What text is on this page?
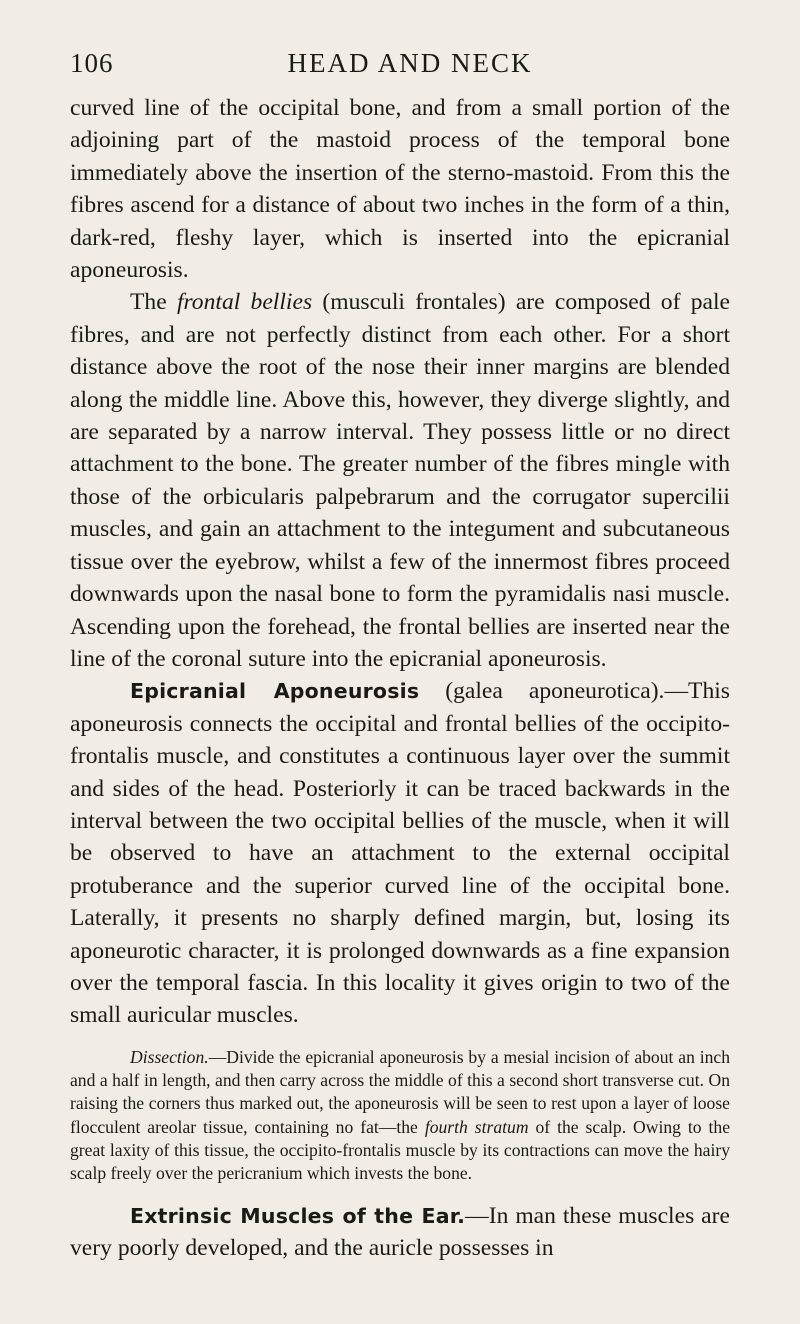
106	HEAD AND NECK

curved line of the occipital bone, and from a small portion of the adjoining part of the mastoid process of the temporal bone immediately above the insertion of the sterno-mastoid. From this the fibres ascend for a distance of about two inches in the form of a thin, dark-red, fleshy layer, which is inserted into the epicranial aponeurosis.

The frontal bellies (musculi frontales) are composed of pale fibres, and are not perfectly distinct from each other. For a short distance above the root of the nose their inner margins are blended along the middle line. Above this, however, they diverge slightly, and are separated by a narrow interval. They possess little or no direct attachment to the bone. The greater number of the fibres mingle with those of the orbicularis palpebrarum and the corrugator supercilii muscles, and gain an attachment to the integument and subcutaneous tissue over the eyebrow, whilst a few of the innermost fibres proceed downwards upon the nasal bone to form the pyramidalis nasi muscle. Ascending upon the forehead, the frontal bellies are inserted near the line of the coronal suture into the epicranial aponeurosis.

Epicranial Aponeurosis (galea aponeurotica).—This aponeurosis connects the occipital and frontal bellies of the occipito-frontalis muscle, and constitutes a continuous layer over the summit and sides of the head. Posteriorly it can be traced backwards in the interval between the two occipital bellies of the muscle, when it will be observed to have an attachment to the external occipital protuberance and the superior curved line of the occipital bone. Laterally, it presents no sharply defined margin, but, losing its aponeurotic character, it is prolonged downwards as a fine expansion over the temporal fascia. In this locality it gives origin to two of the small auricular muscles.

Dissection.—Divide the epicranial aponeurosis by a mesial incision of about an inch and a half in length, and then carry across the middle of this a second short transverse cut. On raising the corners thus marked out, the aponeurosis will be seen to rest upon a layer of loose flocculent areolar tissue, containing no fat—the fourth stratum of the scalp. Owing to the great laxity of this tissue, the occipito-frontalis muscle by its contractions can move the hairy scalp freely over the pericranium which invests the bone.

Extrinsic Muscles of the Ear.—In man these muscles are very poorly developed, and the auricle possesses in
